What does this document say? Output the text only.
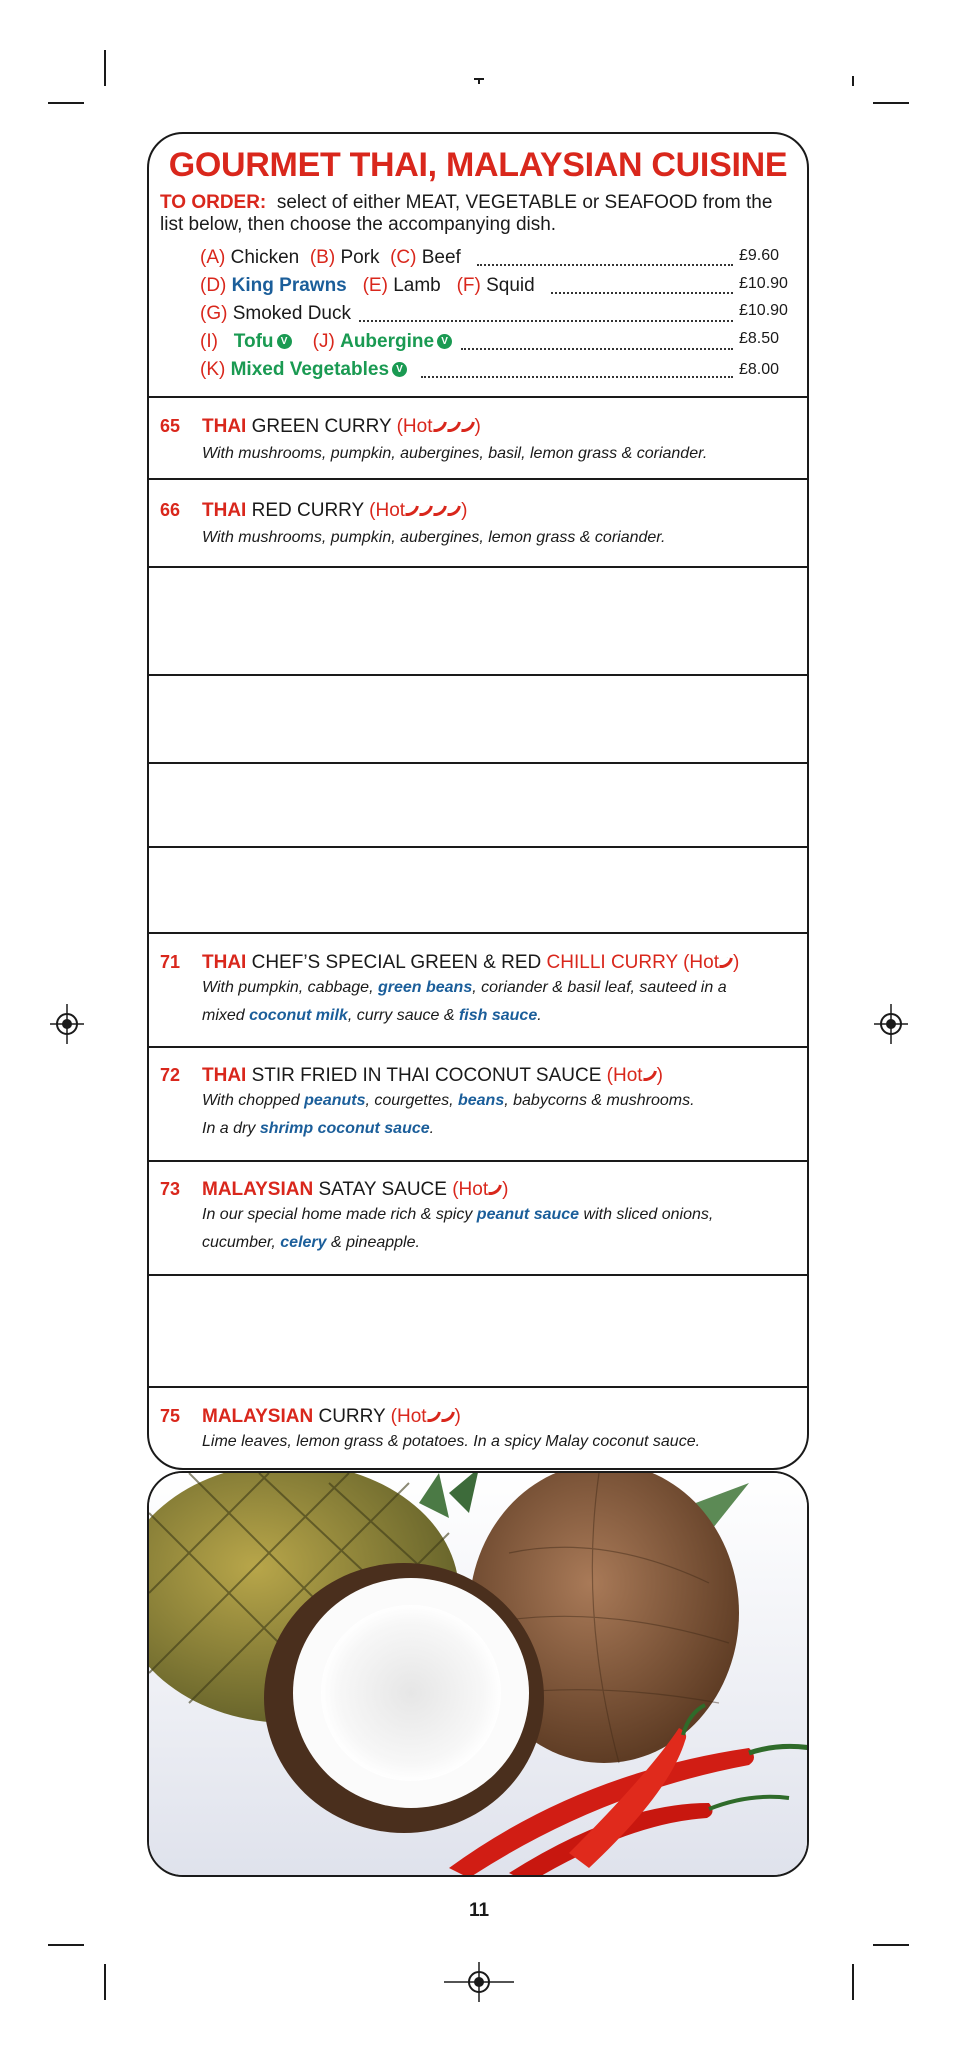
GOURMET THAI, MALAYSIAN CUISINE
TO ORDER: select of either MEAT, VEGETABLE or SEAFOOD from the list below, then choose the accompanying dish.
(A) Chicken (B) Pork (C) Beef	£9.60
(D) King Prawns (E) Lamb (F) Squid	£10.90
(G) Smoked Duck	£10.90
(I) Tofu V (J) Aubergine V	£8.50
(K) Mixed Vegetables V	£8.00
65 THAI GREEN CURRY (Hot )
With mushrooms, pumpkin, aubergines, basil, lemon grass & coriander.
66 THAI RED CURRY (Hot	)
With mushrooms, pumpkin, aubergines, lemon grass & coriander.
71 THAI CHEF’S SPECIAL GREEN & RED CHILLI CURRY (Hot )
With pumpkin, cabbage, green beans, coriander & basil leaf, sauteed in a
mixed coconut milk, curry sauce & fish sauce.
72 THAI STIR FRIED IN THAI COCONUT SAUCE (Hot )
With chopped peanuts, courgettes, beans, babycorns & mushrooms.
In a dry shrimp coconut sauce.
73 MALAYSIAN SATAY SAUCE (Hot )
In our special home made rich & spicy peanut sauce with sliced onions,
cucumber, celery & pineapple.
75 MALAYSIAN CURRY (Hot )
Lime leaves, lemon grass & potatoes. In a spicy Malay coconut sauce.
11
